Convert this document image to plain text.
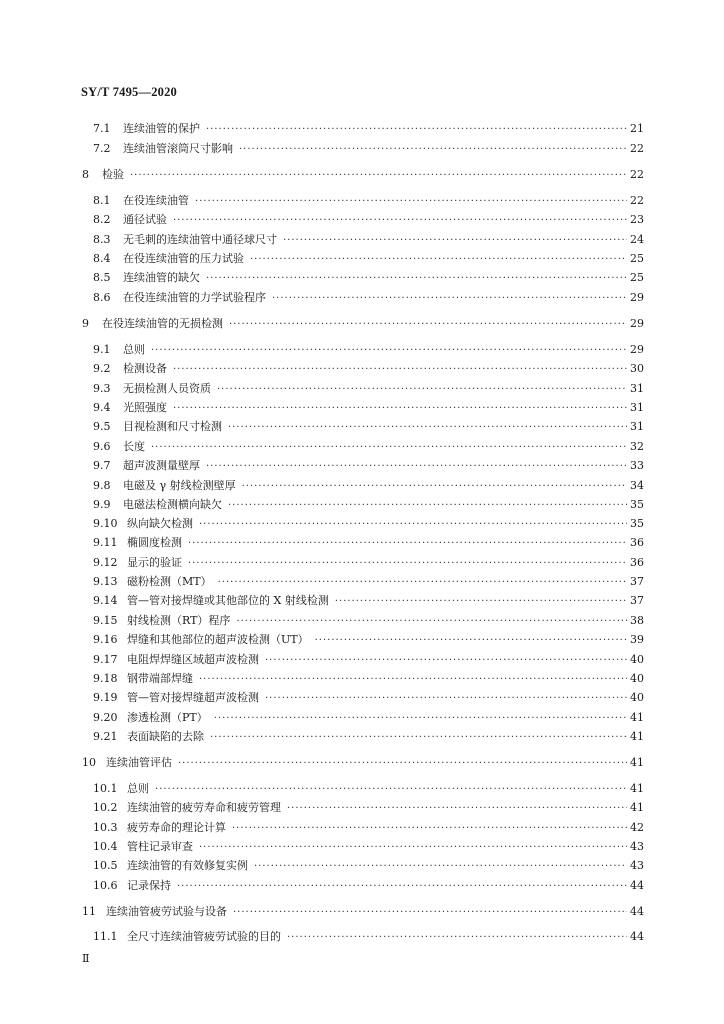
SY/T 7495—2020
7.1	连续油管的保护 ·····	21
7.2	连续油管滚筒尺寸影响 ·····	22
8	检验 ·····	22
8.1	在役连续油管 ·····	22
8.2	通径试验 ·····	23
8.3	无毛刺的连续油管中通径球尺寸 ·····	24
8.4	在役连续油管的压力试验 ·····	25
8.5	连续油管的缺欠 ·····	25
8.6	在役连续油管的力学试验程序 ·····	29
9	在役连续油管的无损检测 ·····	29
9.1	总则 ·····	29
9.2	检测设备 ·····	30
9.3	无损检测人员资质 ·····	31
9.4	光照强度 ·····	31
9.5	目视检测和尺寸检测 ·····	31
9.6	长度 ·····	32
9.7	超声波测量壁厚 ·····	33
9.8	电磁及 γ 射线检测壁厚 ·····	34
9.9	电磁法检测横向缺欠 ·····	35
9.10 纵向缺欠检测 ·····	35
9.11 椭圆度检测 ·····	36
9.12 显示的验证 ·····	36
9.13 磁粉检测（MT） ·····	37
9.14 管—管对接焊缝或其他部位的 X 射线检测 ·····	37
9.15 射线检测（RT）程序 ·····	38
9.16 焊缝和其他部位的超声波检测（UT） ·····	39
9.17 电阻焊焊缝区域超声波检测 ·····	40
9.18 钢带端部焊缝 ·····	40
9.19 管—管对接焊缝超声波检测 ·····	40
9.20 渗透检测（PT） ·····	41
9.21 表面缺陷的去除 ·····	41
10 连续油管评估 ·····	41
10.1 总则 ·····	41
10.2 连续油管的疲劳寿命和疲劳管理 ·····	41
10.3 疲劳寿命的理论计算 ·····	42
10.4 管柱记录审查 ·····	43
10.5 连续油管的有效修复实例 ·····	43
10.6 记录保持 ·····	44
11 连续油管疲劳试验与设备 ·····	44
11.1 全尺寸连续油管疲劳试验的目的 ·····	44
Ⅱ
